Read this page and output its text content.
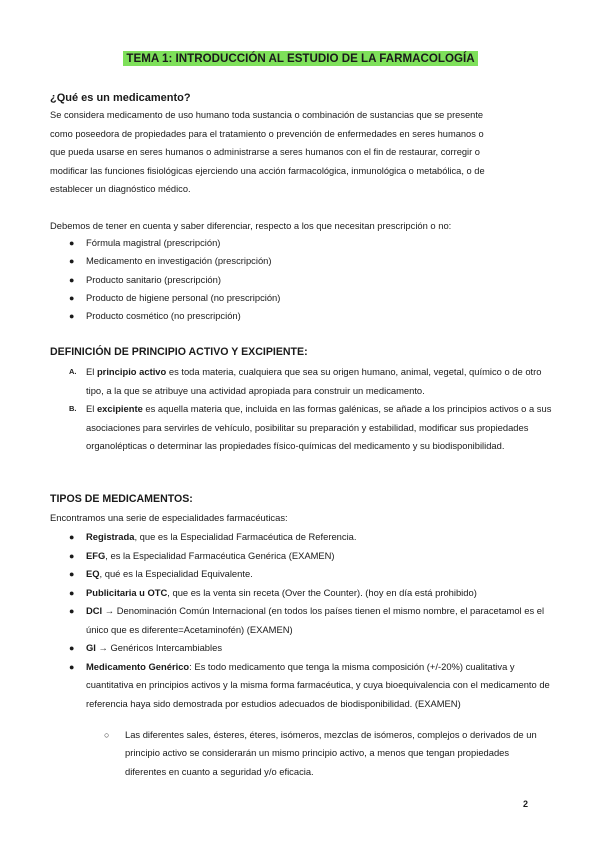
TEMA 1: INTRODUCCIÓN AL ESTUDIO DE LA FARMACOLOGÍA
¿Qué es un medicamento?
Se considera medicamento de uso humano toda sustancia o combinación de sustancias que se presente
como poseedora de propiedades para el tratamiento o prevención de enfermedades en seres humanos o
que pueda usarse en seres humanos o administrarse a seres humanos con el fin de restaurar, corregir o
modificar las funciones fisiológicas ejerciendo una acción farmacológica, inmunológica o metabólica, o de
establecer un diagnóstico médico.
Debemos de tener en cuenta y saber diferenciar, respecto a los que necesitan prescripción o no:
● Fórmula magistral (prescripción)
● Medicamento en investigación (prescripción)
● Producto sanitario (prescripción)
● Producto de higiene personal (no prescripción)
● Producto cosmético (no prescripción)
DEFINICIÓN DE PRINCIPIO ACTIVO Y EXCIPIENTE:
A. El principio activo es toda materia, cualquiera que sea su origen humano, animal, vegetal, químico o de otro tipo, a la que se atribuye una actividad apropiada para construir un medicamento.
B. El excipiente es aquella materia que, incluida en las formas galénicas, se añade a los principios activos o a sus asociaciones para servirles de vehículo, posibilitar su preparación y estabilidad, modificar sus propiedades organolépticas o determinar las propiedades físico-químicas del medicamento y su biodisponibilidad.
TIPOS DE MEDICAMENTOS:
Encontramos una serie de especialidades farmacéuticas:
● Registrada, que es la Especialidad Farmacéutica de Referencia.
● EFG, es la Especialidad Farmacéutica Genérica (EXAMEN)
● EQ, qué es la Especialidad Equivalente.
● Publicitaria u OTC, que es la venta sin receta (Over the Counter). (hoy en día está prohibido)
● DCI → Denominación Común Internacional (en todos los países tienen el mismo nombre, el paracetamol es el único que es diferente=Acetaminofén) (EXAMEN)
● GI → Genéricos Intercambiables
● Medicamento Genérico: Es todo medicamento que tenga la misma composición (+/-20%) cualitativa y cuantitativa en principios activos y la misma forma farmacéutica, y cuya bioequivalencia con el medicamento de referencia haya sido demostrada por estudios adecuados de biodisponibilidad. (EXAMEN)
○	Las diferentes sales, ésteres, éteres, isómeros, mezclas de isómeros, complejos o derivados de un principio activo se considerarán un mismo principio activo, a menos que tengan propiedades diferentes en cuanto a seguridad y/o eficacia.
2
